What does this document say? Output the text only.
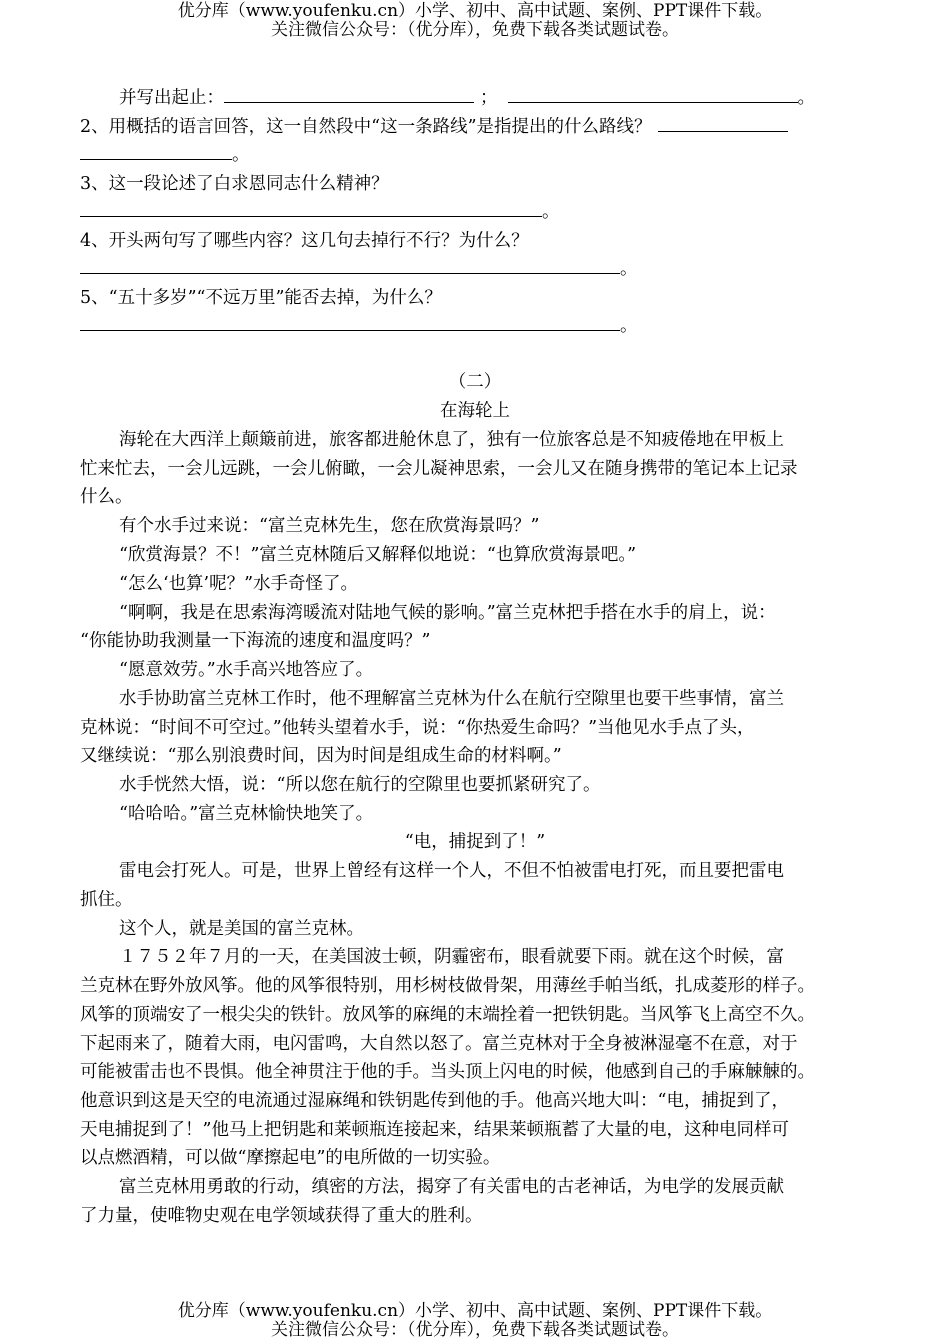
优分库（www.youfenku.cn）小学、初中、高中试题、案例、PPT课件下载。
关注微信公众号：（优分库），免费下载各类试题试卷。
并写出起止：	；	。
2、用概括的语言回答，这一自然段中“这一条路线”是指提出的什么路线？
。
3、这一段论述了白求恩同志什么精神？
。
4、开头两句写了哪些内容？这几句去掉行不行？为什么？
。
5、“五十多岁”“不远万里”能否去掉，为什么？
。
（二）
在海轮上
海轮在大西洋上颠簸前进，旅客都进舱休息了，独有一位旅客总是不知疲倦地在甲板上
忙来忙去，一会儿远跳，一会儿俯瞰，一会儿凝神思索，一会儿又在随身携带的笔记本上记录
什么。
有个水手过来说：“富兰克林先生，您在欣赏海景吗？”
“欣赏海景？不！”富兰克林随后又解释似地说：“也算欣赏海景吧。”
“怎么‘也算’呢？”水手奇怪了。
“啊啊，我是在思索海湾暖流对陆地气候的影响。”富兰克林把手搭在水手的肩上，说：
“你能协助我测量一下海流的速度和温度吗？”
“愿意效劳。”水手高兴地答应了。
水手协助富兰克林工作时，他不理解富兰克林为什么在航行空隙里也要干些事情，富兰
克林说：“时间不可空过。”他转头望着水手，说：“你热爱生命吗？”当他见水手点了头，
又继续说：“那么别浪费时间，因为时间是组成生命的材料啊。”
水手恍然大悟，说：“所以您在航行的空隙里也要抓紧研究了。
“哈哈哈。”富兰克林愉快地笑了。
“电，捕捉到了！”
雷电会打死人。可是，世界上曾经有这样一个人，不但不怕被雷电打死，而且要把雷电
抓住。
这个人，就是美国的富兰克林。
１７５２年７月的一天，在美国波士顿，阴霾密布，眼看就要下雨。就在这个时候，富
兰克林在野外放风筝。他的风筝很特别，用杉树枝做骨架，用薄丝手帕当纸，扎成菱形的样子。
风筝的顶端安了一根尖尖的铁针。放风筝的麻绳的末端拴着一把铁钥匙。当风筝飞上高空不久。
下起雨来了，随着大雨，电闪雷鸣，大自然以怒了。富兰克林对于全身被淋湿毫不在意，对于
可能被雷击也不畏惧。他全神贯注于他的手。当头顶上闪电的时候，他感到自己的手麻觫觫的。
他意识到这是天空的电流通过湿麻绳和铁钥匙传到他的手。他高兴地大叫：“电，捕捉到了，
天电捕捉到了！”他马上把钥匙和莱顿瓶连接起来，结果莱顿瓶蓄了大量的电，这种电同样可
以点燃酒精，可以做“摩擦起电”的电所做的一切实验。
富兰克林用勇敢的行动，缜密的方法，揭穿了有关雷电的古老神话，为电学的发展贡献
了力量，使唯物史观在电学领域获得了重大的胜利。
优分库（www.youfenku.cn）小学、初中、高中试题、案例、PPT课件下载。
关注微信公众号：（优分库），免费下载各类试题试卷。
